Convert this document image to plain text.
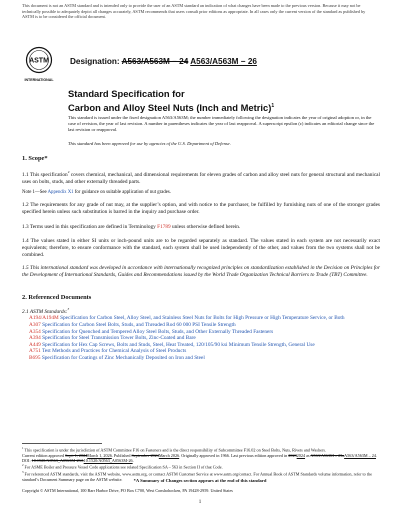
This document is not an ASTM standard and is intended only to provide the user of an ASTM standard an indication of what changes have been made to the previous version. Because it may not be technically possible to adequately depict all changes accurately, ASTM recommends that users consult prior editions as appropriate. In all cases only the current version of the standard as published by ASTM is to be considered the official document.
ASTM
INTERNATIONAL
Designation: A563/A563M − 24 A563/A563M − 26
Standard Specification for
Carbon and Alloy Steel Nuts (Inch and Metric)$^1$

This standard is issued under the fixed designation A563/A563M; the number immediately following the designation indicates the year of original adoption or, in the case of revision, the year of last revision. A number in parentheses indicates the year of last reapproval. A superscript epsilon (ε) indicates an editorial change since the last revision or reapproval.

This standard has been approved for use by agencies of the U.S. Department of Defense.
1. Scope*

1.1 This specification$^2$ covers chemical, mechanical, and dimensional requirements for eleven grades of carbon and alloy steel nuts for general structural and mechanical uses on bolts, studs, and other externally threaded parts.

Note 1—See Appendix X1 for guidance on suitable application of nut grades.

1.2 The requirements for any grade of nut may, at the supplier’s option, and with notice to the purchaser, be fulfilled by furnishing nuts of one of the stronger grades specified herein unless such substitution is barred in the inquiry and purchase order.

1.3 Terms used in this specification are defined in Terminology F1789 unless otherwise defined herein.

1.4 The values stated in either SI units or inch-pound units are to be regarded separately as standard. The values stated in each system are not necessarily exact equivalents; therefore, to ensure conformance with the standard, each system shall be used independently of the other, and values from the two systems shall not be combined.

1.5 This international standard was developed in accordance with internationally recognized principles on standardization established in the Decision on Principles for the Development of International Standards, Guides and Recommendations issued by the World Trade Organization Technical Barriers to Trade (TBT) Committee.

2. Referenced Documents
2.1 ASTM Standards:$^3$
A194/A194M Specification for Carbon Steel, Alloy Steel, and Stainless Steel Nuts for Bolts for High Pressure or High Temperature Service, or Both
A307 Specification for Carbon Steel Bolts, Studs, and Threaded Rod 60 000 PSI Tensile Strength
A354 Specification for Quenched and Tempered Alloy Steel Bolts, Studs, and Other Externally Threaded Fasteners
A394 Specification for Steel Transmission Tower Bolts, Zinc-Coated and Bare
A449 Specification for Hex Cap Screws, Bolts and Studs, Steel, Heat Treated, 120/105/90 ksi Minimum Tensile Strength, General Use
A751 Test Methods and Practices for Chemical Analysis of Steel Products
B695 Specification for Coatings of Zinc Mechanically Deposited on Iron and Steel

$^1$ This specification is under the jurisdiction of ASTM Committee F16 on Fasteners and is the direct responsibility of Subcommittee F16.02 on Steel Bolts, Nuts, Rivets and Washers.

Current edition approved Sept. 1, 2024March 1, 2026. Published September 2024March 2026. Originally approved in 1966. Last previous edition approved in 20232024 as A563/A563M – 23aA563/A563M – 24. DOI: 10.1520/A0563_A0563M-23A10.1520/A0563_A0563M-26.

$^2$ For ASME Boiler and Pressure Vessel Code applications see related Specification SA – 563 in Section II of that Code.

$^3$ For referenced ASTM standards, visit the ASTM website, www.astm.org, or contact ASTM Customer Service at www.astm.org/contact. For Annual Book of ASTM Standards volume information, refer to the standard’s Document Summary page on the ASTM website.	*A Summary of Changes section appears at the end of this standard
Copyright © ASTM International, 100 Barr Harbor Drive, PO Box C700, West Conshohocken, PA 19428-2959. United States
1
